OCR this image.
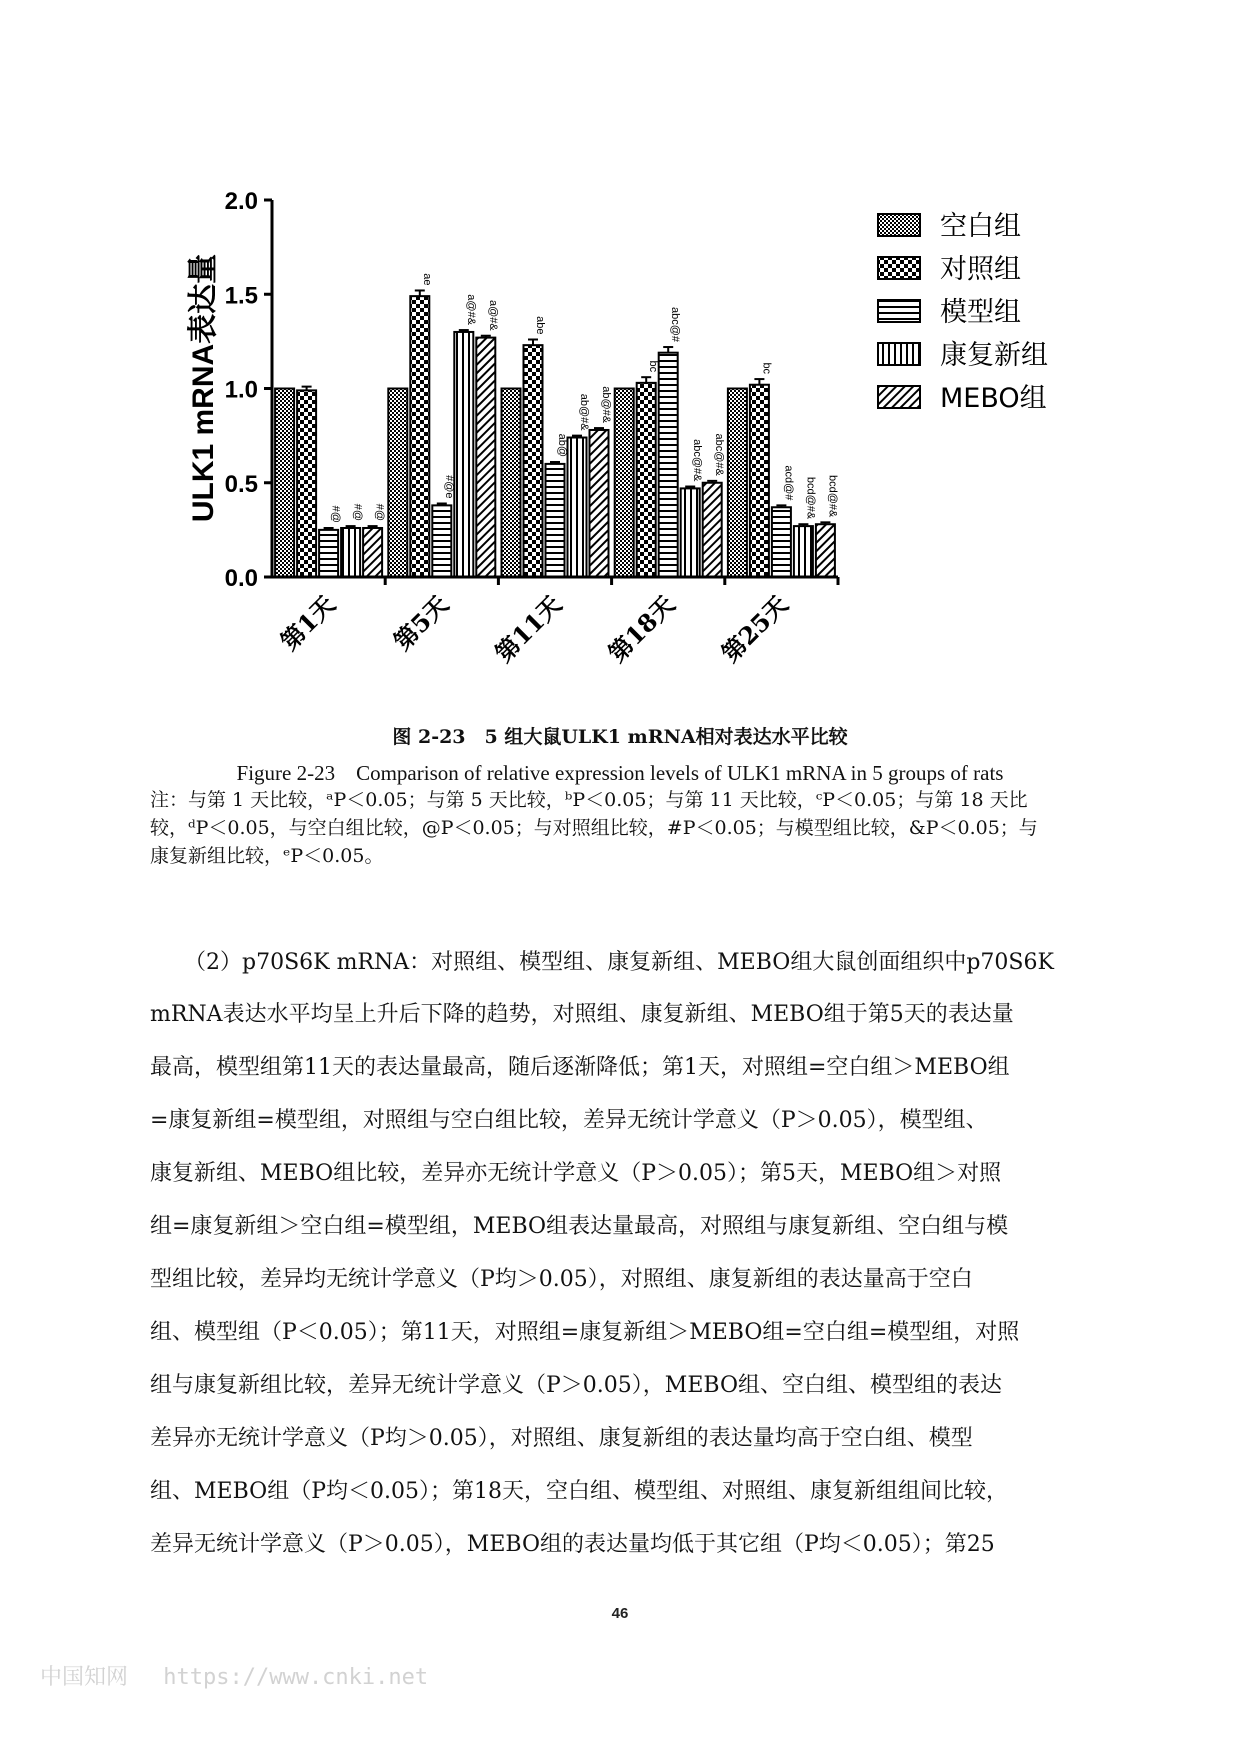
#@ #@ #@
ae
#@e
a@#& a@#&	abe
ab@
ab@#& ab@#&
bc
abc@#
abc@#& abc@#&
bc
acd@# bcd@#& bcd@#&
0.0
0.5
1.0
1.5
2.0
第1天 第5天 第11天 第18天 第25天
ULK1 mRNA表达量
空白组
对照组
模型组
康复新组
MEBO组
图 2-23　5 组大鼠ULK1 mRNA相对表达水平比较
Figure 2-23　Comparison of relative expression levels of ULK1 mRNA in 5 groups of rats
注：与第 1 天比较，ᵃP＜0.05；与第 5 天比较，ᵇP＜0.05；与第 11 天比较，ᶜP＜0.05；与第 18 天比
较，ᵈP＜0.05，与空白组比较，@P＜0.05；与对照组比较，#P＜0.05；与模型组比较，&P＜0.05；与
康复新组比较，ᵉP＜0.05。
（2）p70S6K mRNA：对照组、模型组、康复新组、MEBO组大鼠创面组织中p70S6K
mRNA表达水平均呈上升后下降的趋势，对照组、康复新组、MEBO组于第5天的表达量
最高，模型组第11天的表达量最高，随后逐渐降低；第1天，对照组=空白组＞MEBO组
=康复新组=模型组，对照组与空白组比较，差异无统计学意义（P＞0.05），模型组、
康复新组、MEBO组比较，差异亦无统计学意义（P＞0.05）；第5天，MEBO组＞对照
组=康复新组＞空白组=模型组，MEBO组表达量最高，对照组与康复新组、空白组与模
型组比较，差异均无统计学意义（P均＞0.05），对照组、康复新组的表达量高于空白
组、模型组（P＜0.05）；第11天，对照组=康复新组＞MEBO组=空白组=模型组，对照
组与康复新组比较，差异无统计学意义（P＞0.05），MEBO组、空白组、模型组的表达
差异亦无统计学意义（P均＞0.05），对照组、康复新组的表达量均高于空白组、模型
组、MEBO组（P均＜0.05）；第18天，空白组、模型组、对照组、康复新组组间比较，
差异无统计学意义（P＞0.05），MEBO组的表达量均低于其它组（P均＜0.05）；第25
46
中国知网　 https://www.cnki.net
